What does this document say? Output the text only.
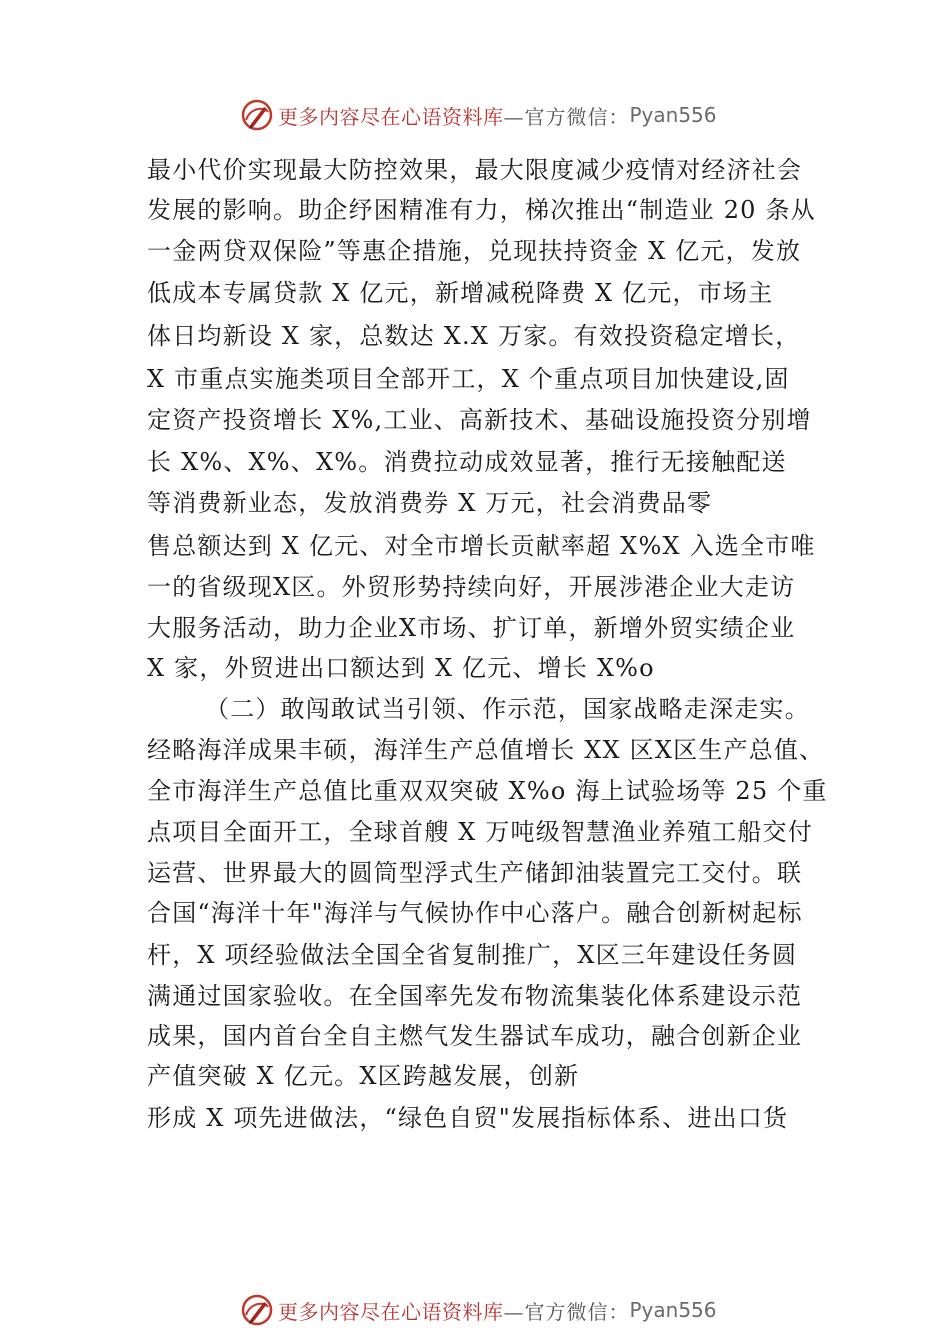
更多内容尽在心语资料库 —官方微信： Pyan556
最小代价实现最大防控效果，最大限度减少疫情对经济社会
发展的影响。助企纾困精准有力，梯次推出“制造业 20 条从
一金两贷双保险”等惠企措施，兑现扶持资金 X 亿元，发放
低成本专属贷款 X 亿元，新增减税降费 X 亿元，市场主
体日均新设 X 家，总数达 X.X 万家。有效投资稳定增长，
X 市重点实施类项目全部开工，X 个重点项目加快建设,固
定资产投资增长 X%,工业、高新技术、基础设施投资分别增
长 X%、X%、X%。消费拉动成效显著，推行无接触配送
等消费新业态，发放消费券 X 万元，社会消费品零
售总额达到 X 亿元、对全市增长贡献率超 X%X 入选全市唯
一的省级现X区。外贸形势持续向好，开展涉港企业大走访
大服务活动，助力企业X市场、扩订单，新增外贸实绩企业
X 家，外贸进出口额达到 X 亿元、增长 X%o
（二）敢闯敢试当引领、作示范，国家战略走深走实。
经略海洋成果丰硕，海洋生产总值增长 XX 区X区生产总值、
全市海洋生产总值比重双双突破 X%o 海上试验场等 25 个重
点项目全面开工，全球首艘 X 万吨级智慧渔业养殖工船交付
运营、世界最大的圆筒型浮式生产储卸油装置完工交付。联
合国“海洋十年"海洋与气候协作中心落户。融合创新树起标
杆，X 项经验做法全国全省复制推广，X区三年建设任务圆
满通过国家验收。在全国率先发布物流集装化体系建设示范
成果，国内首台全自主燃气发生器试车成功，融合创新企业
产值突破 X 亿元。X区跨越发展，创新
形成 X 项先进做法，“绿色自贸"发展指标体系、进出口货
更多内容尽在心语资料库 —官方微信： Pyan556
